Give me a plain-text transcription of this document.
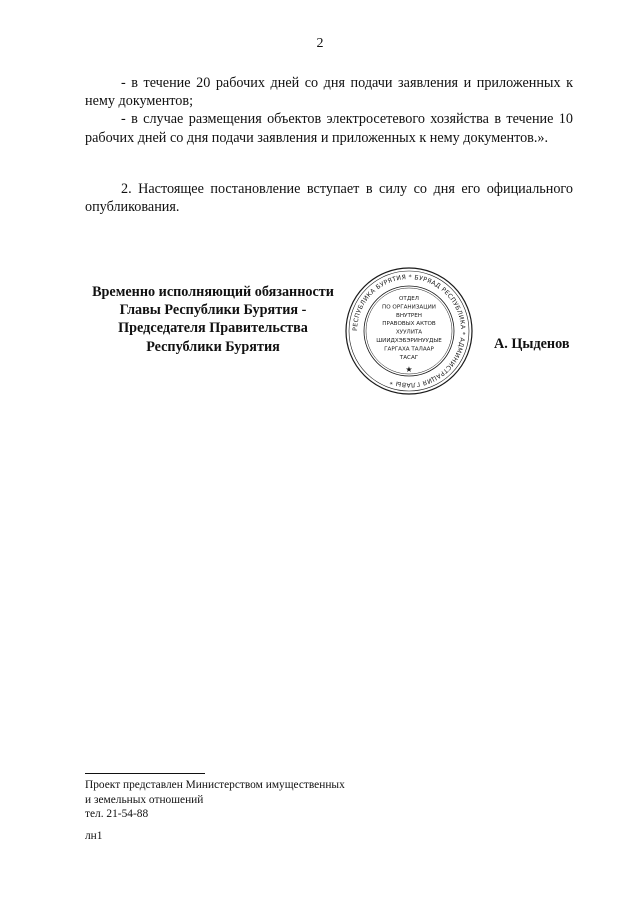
2

- в течение 20 рабочих дней со дня подачи заявления и приложенных к нему документов;

- в случае размещения объектов электросетевого хозяйства в течение 10 рабочих дней со дня подачи заявления и приложенных к нему документов.».

2. Настоящее постановление вступает в силу со дня его официального опубликования.

Временно исполняющий обязанности
Главы Республики Бурятия -
Председателя Правительства
Республики Бурятия
РЕСПУБЛИКА БУРЯТИЯ * БУРЯАД РЕСПУБЛИКА * АДМИНИСТРАЦИЯ ГЛАВЫ *
ОТДЕЛ
ПО ОРГАНИЗАЦИИ
ВНУТРЕН
ПРАВОВЫХ АКТОВ
ХУУЛИТА
ШИИДХЭБЭРИНУУДЫЕ
ГАРГАХА ТАЛААР
ТАСАГ
★
А. Цыденов
Проект представлен Министерством имущественных
и земельных отношений
тел. 21-54-88
лн1
